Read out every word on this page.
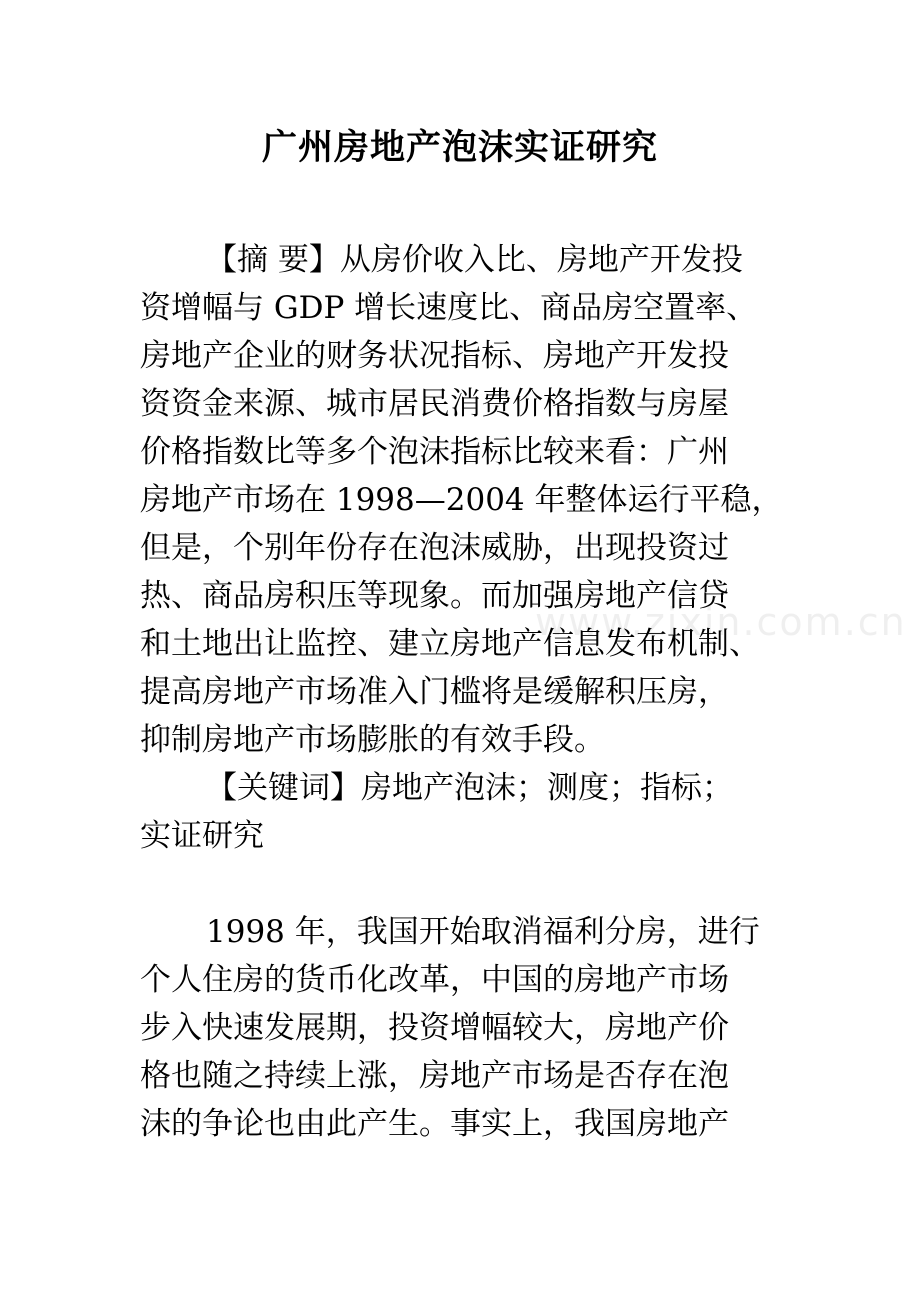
广州房地产泡沫实证研究
【摘 要】从房价收入比、房地产开发投
资增幅与 GDP 增长速度比、商品房空置率、
房地产企业的财务状况指标、房地产开发投
资资金来源、城市居民消费价格指数与房屋
价格指数比等多个泡沫指标比较来看：广州
房地产市场在 1998—2004 年整体运行平稳，
但是，个别年份存在泡沫威胁，出现投资过
热、商品房积压等现象。而加强房地产信贷
和土地出让监控、建立房地产信息发布机制、
提高房地产市场准入门槛将是缓解积压房，
抑制房地产市场膨胀的有效手段。
【关键词】房地产泡沫；测度；指标；
实证研究
1998 年，我国开始取消福利分房，进行
个人住房的货币化改革，中国的房地产市场
步入快速发展期，投资增幅较大，房地产价
格也随之持续上涨，房地产市场是否存在泡
沫的争论也由此产生。事实上，我国房地产
www.zixin.com.cn
